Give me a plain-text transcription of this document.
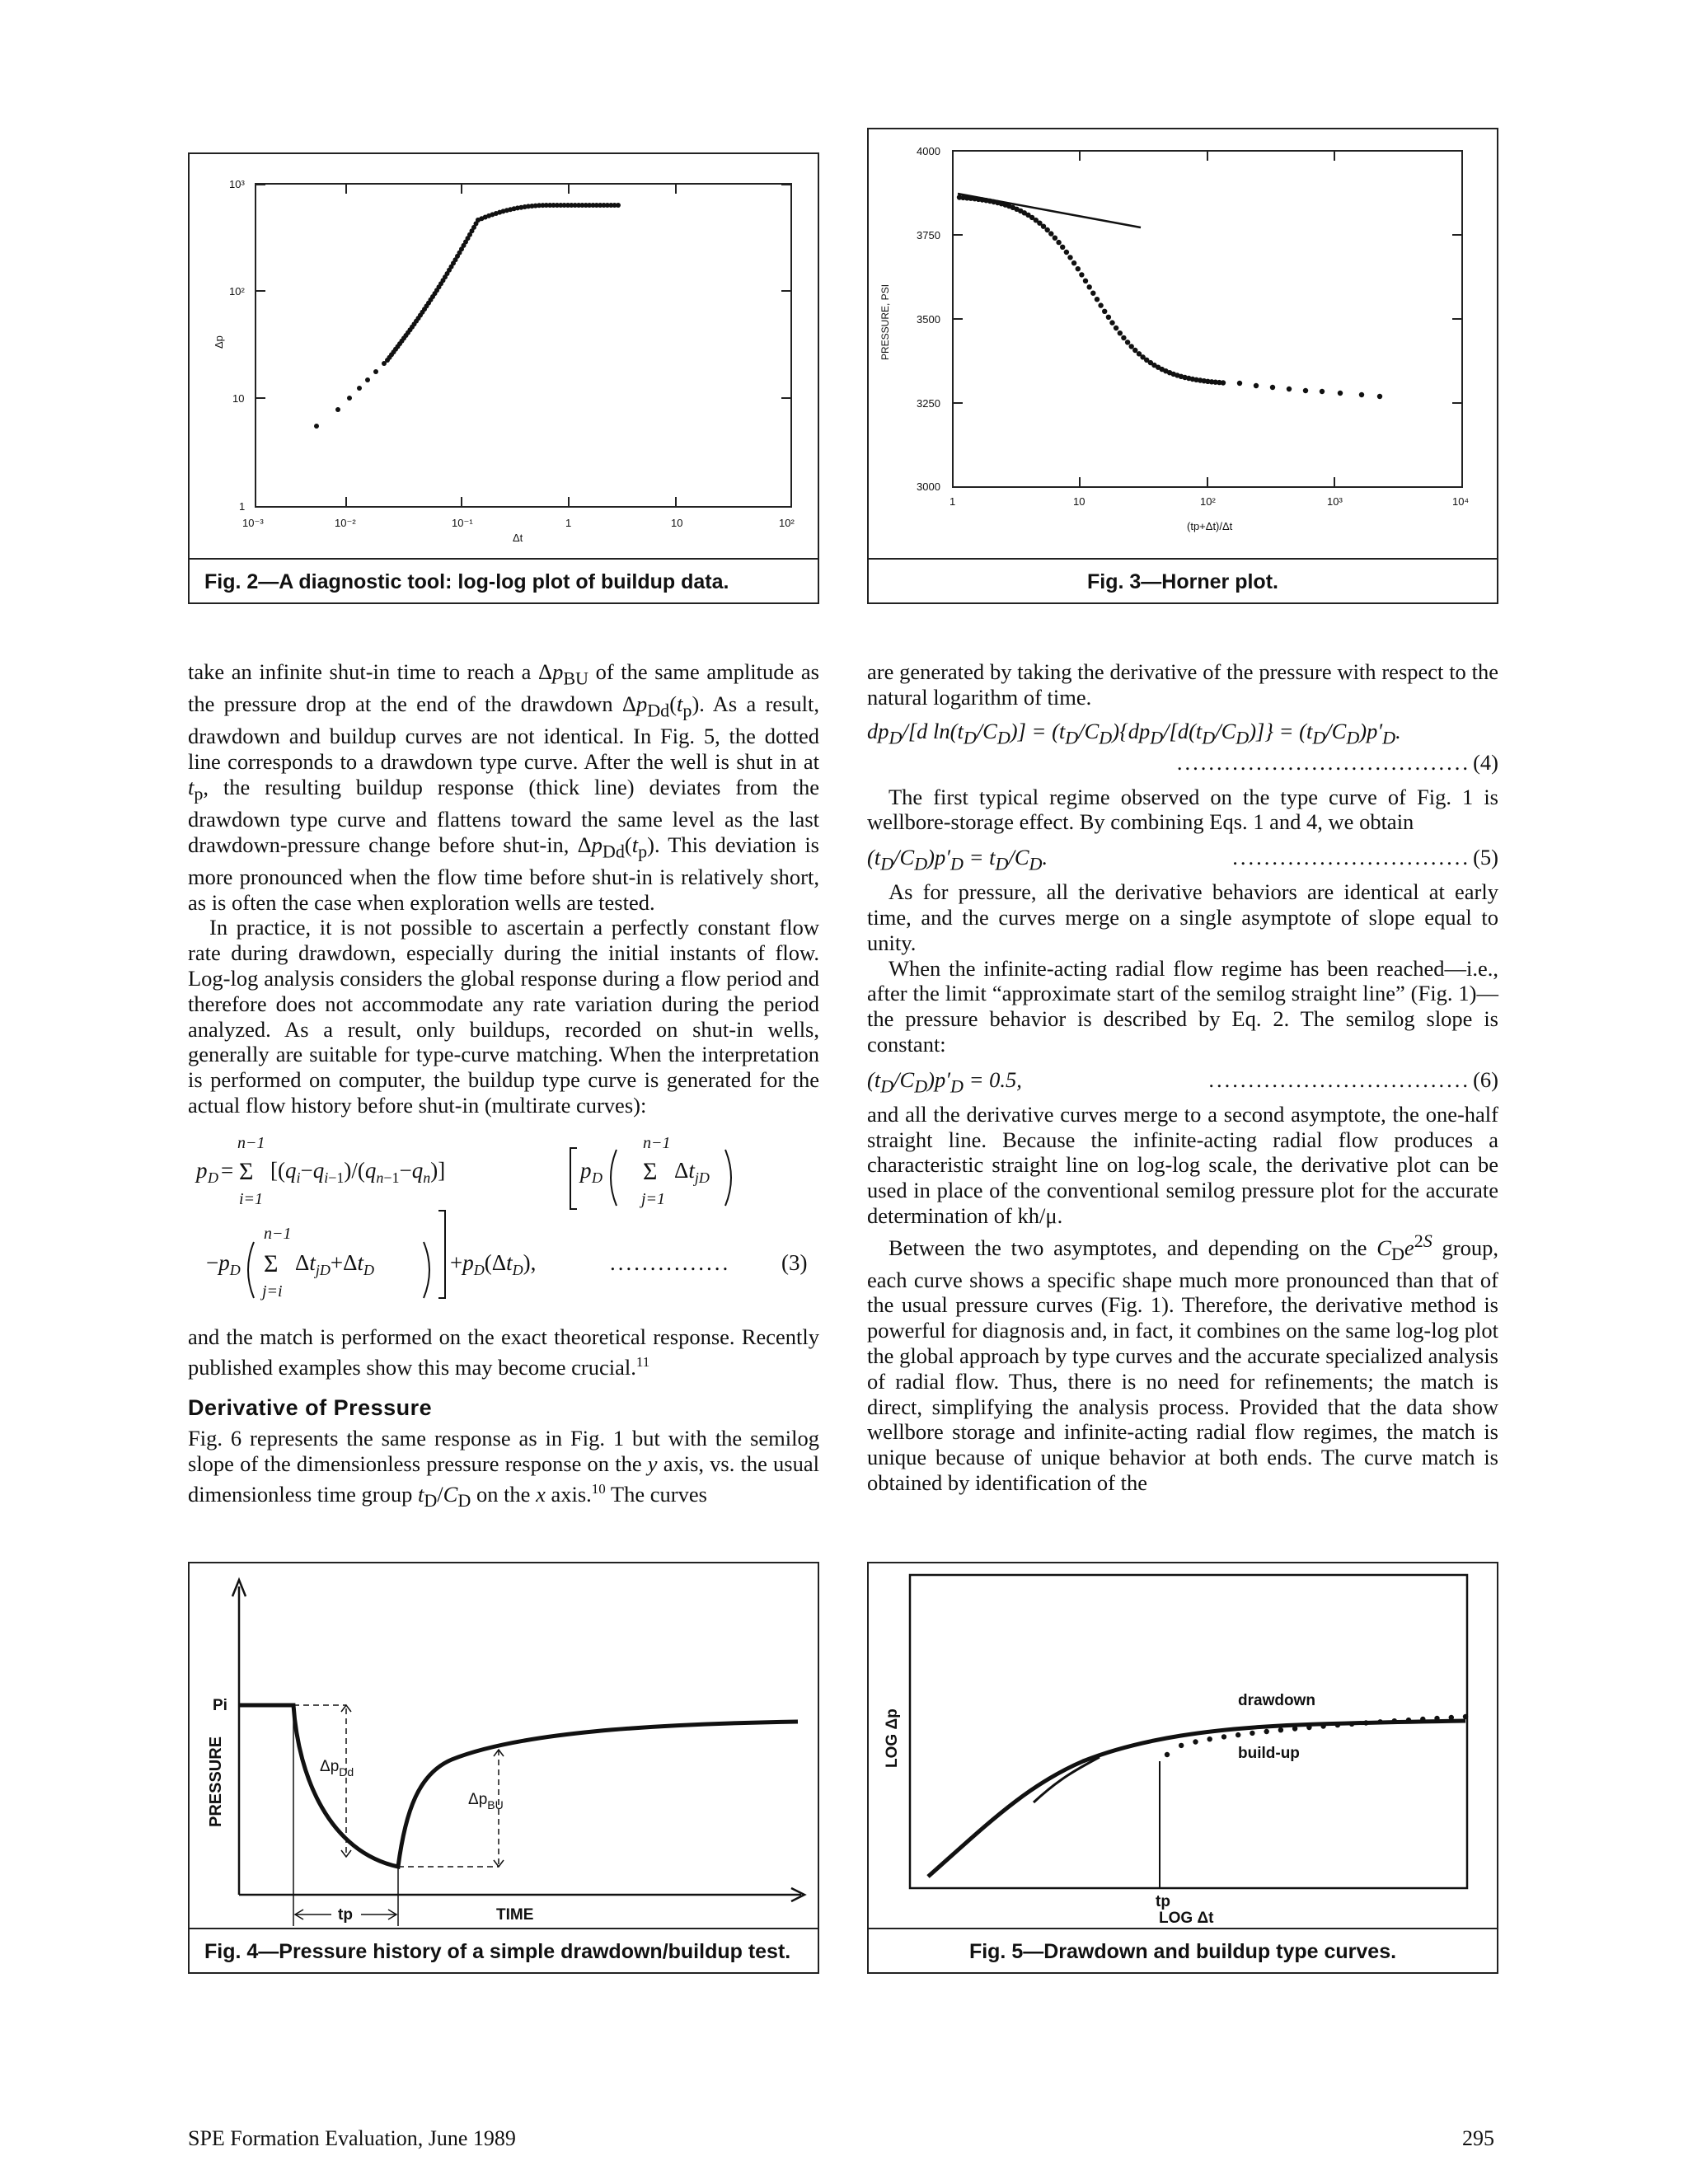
10³
10²
10
1
10⁻³	10⁻²	10⁻¹	1	10	10²
Δt
Δp
Fig. 2—A diagnostic tool: log-log plot of buildup data.
4000
3750
3500
3250
3000
1	10	10²	10³	10⁴
(tp+Δt)/Δt
PRESSURE, PSI
Fig. 3—Horner plot.

take an infinite shut-in time to reach a $\Delta p_{BU}$ of the same amplitude as the pressure drop at the end of the drawdown $\Delta p_{Dd}(t_p)$. As a result, drawdown and buildup curves are not identical. In Fig. 5, the dotted line corresponds to a drawdown type curve. After the well is shut in at $t_p$, the resulting buildup response (thick line) deviates from the drawdown type curve and flattens toward the same level as the last drawdown-pressure change before shut-in, $\Delta p_{Dd}(t_p)$. This deviation is more pronounced when the flow time before shut-in is relatively short, as is often the case when exploration wells are tested.

In practice, it is not possible to ascertain a perfectly constant flow rate during drawdown, especially during the initial instants of flow. Log-log analysis considers the global response during a flow period and therefore does not accommodate any rate variation during the period analyzed. As a result, only buildups, recorded on shut-in wells, generally are suitable for type-curve matching. When the interpretation is performed on computer, the buildup type curve is generated for the actual flow history before shut-in (multirate curves):

n−1
p D = Σ
i=1
$[(q_i-q_i-1)/(q_n-1-q_n)]$	p D
n−1
Σ
j=1
$\Delta t_{jD}$
n−1
$-p_D$ Σ
j=i
$\Delta t_{jD}+\Delta t_D$	$+p_D(\Delta t_D)$,	............... (3)

and the match is performed on the exact theoretical response. Recently published examples show this may become crucial.$^{11}$

Derivative of Pressure

Fig. 6 represents the same response as in Fig. 1 but with the semilog slope of the dimensionless pressure response on the y axis, vs. the usual dimensionless time group $t_D/C_D$ on the x axis.$^{10}$ The curves

are generated by taking the derivative of the pressure with respect to the natural logarithm of time.

$dp_D/[d$ $\ln(t_D/C_D)] = (t_D/C_D)\{dp_D/[d(t_D/C_D)]\} = (t_D/C_D)p'_D$.
..................................... (4)

The first typical regime observed on the type curve of Fig. 1 is wellbore-storage effect. By combining Eqs. 1 and 4, we obtain

$(t_D/C_D)p'_D = t_D/C_D$.	.............................. (5)

As for pressure, all the derivative behaviors are identical at early time, and the curves merge on a single asymptote of slope equal to unity.

When the infinite-acting radial flow regime has been reached—i.e., after the limit “approximate start of the semilog straight line” (Fig. 1)—the pressure behavior is described by Eq. 2. The semilog slope is constant:

$(t_D/C_D)p'_D = 0.5$,	................................. (6)

and all the derivative curves merge to a second asymptote, the one-half straight line. Because the infinite-acting radial flow produces a characteristic straight line on log-log scale, the derivative plot can be used in place of the conventional semilog pressure plot for the accurate determination of kh/μ.

Between the two asymptotes, and depending on the $C_De^{2S}$ group, each curve shows a specific shape much more pronounced than that of the usual pressure curves (Fig. 1). Therefore, the derivative method is powerful for diagnosis and, in fact, it combines on the same log-log plot the global approach by type curves and the accurate specialized analysis of radial flow. Thus, there is no need for refinements; the match is direct, simplifying the analysis process. Provided that the data show wellbore storage and infinite-acting radial flow regimes, the match is unique because of unique behavior at both ends. The curve match is obtained by identification of the

PRESSURE
Pi
$\Delta p_{Dd}$
$\Delta p_{BU}$
tp	TIME
Fig. 4—Pressure history of a simple drawdown/buildup test.
LOG Δp
LOG Δt
drawdown
build-up
tp
Fig. 5—Drawdown and buildup type curves.
SPE Formation Evaluation, June 1989	295
